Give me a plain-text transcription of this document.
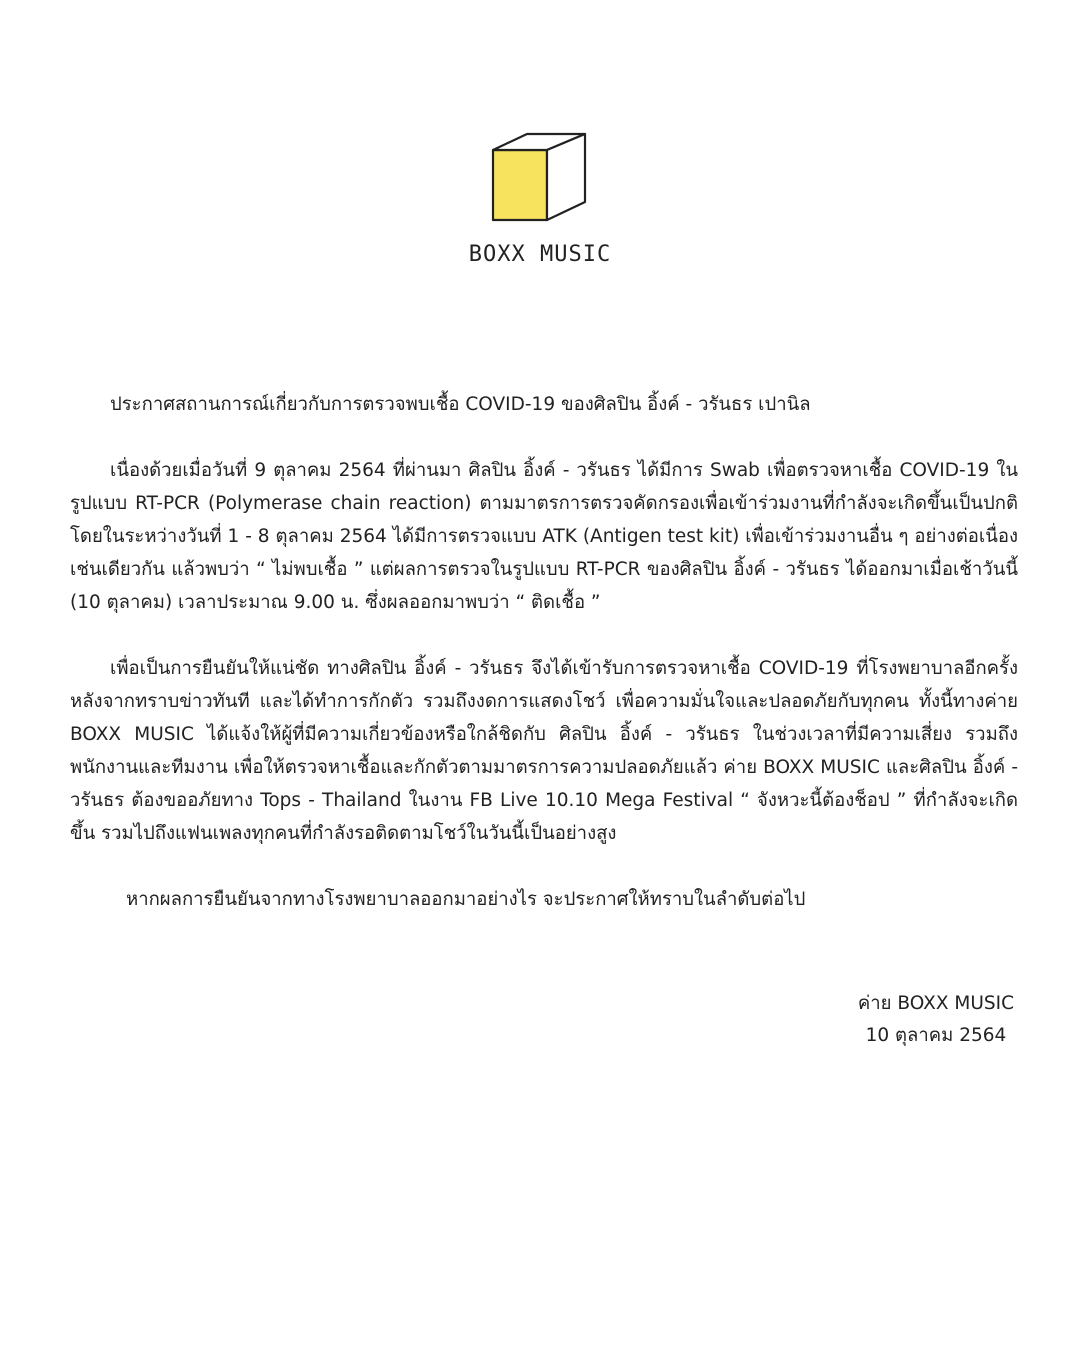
BOXX MUSIC

ประกาศสถานการณ์เกี่ยวกับการตรวจพบเชื้อ COVID-19 ของศิลปิน อิ้งค์ - วรันธร เปานิล

เนื่องด้วยเมื่อวันที่ 9 ตุลาคม 2564 ที่ผ่านมา ศิลปิน อิ้งค์ - วรันธร ได้มีการ Swab เพื่อตรวจหาเชื้อ COVID-19 ในรูปแบบ RT-PCR (Polymerase chain reaction) ตามมาตรการตรวจคัดกรองเพื่อเข้าร่วมงานที่กำลังจะเกิดขึ้นเป็นปกติ โดยในระหว่างวันที่ 1 - 8 ตุลาคม 2564 ได้มีการตรวจแบบ ATK (Antigen test kit) เพื่อเข้าร่วมงานอื่น ๆ อย่างต่อเนื่องเช่นเดียวกัน แล้วพบว่า “ ไม่พบเชื้อ ” แต่ผลการตรวจในรูปแบบ RT-PCR ของศิลปิน อิ้งค์ - วรันธร ได้ออกมาเมื่อเช้าวันนี้ (10 ตุลาคม) เวลาประมาณ 9.00 น. ซึ่งผลออกมาพบว่า “ ติดเชื้อ ”

เพื่อเป็นการยืนยันให้แน่ชัด ทางศิลปิน อิ้งค์ - วรันธร จึงได้เข้ารับการตรวจหาเชื้อ COVID-19 ที่โรงพยาบาลอีกครั้งหลังจากทราบข่าวทันที และได้ทำการกักตัว รวมถึงงดการแสดงโชว์ เพื่อความมั่นใจและปลอดภัยกับทุกคน ทั้งนี้ทางค่าย BOXX MUSIC ได้แจ้งให้ผู้ที่มีความเกี่ยวข้องหรือใกล้ชิดกับ ศิลปิน อิ้งค์ - วรันธร ในช่วงเวลาที่มีความเสี่ยง รวมถึงพนักงานและทีมงาน เพื่อให้ตรวจหาเชื้อและกักตัวตามมาตรการความปลอดภัยแล้ว ค่าย BOXX MUSIC และศิลปิน อิ้งค์ - วรันธร ต้องขออภัยทาง Tops - Thailand ในงาน FB Live 10.10 Mega Festival “ จังหวะนี้ต้องช็อป ” ที่กำลังจะเกิดขึ้น รวมไปถึงแฟนเพลงทุกคนที่กำลังรอติดตามโชว์ในวันนี้เป็นอย่างสูง

หากผลการยืนยันจากทางโรงพยาบาลออกมาอย่างไร จะประกาศให้ทราบในลำดับต่อไป

ค่าย BOXX MUSIC
10 ตุลาคม 2564
